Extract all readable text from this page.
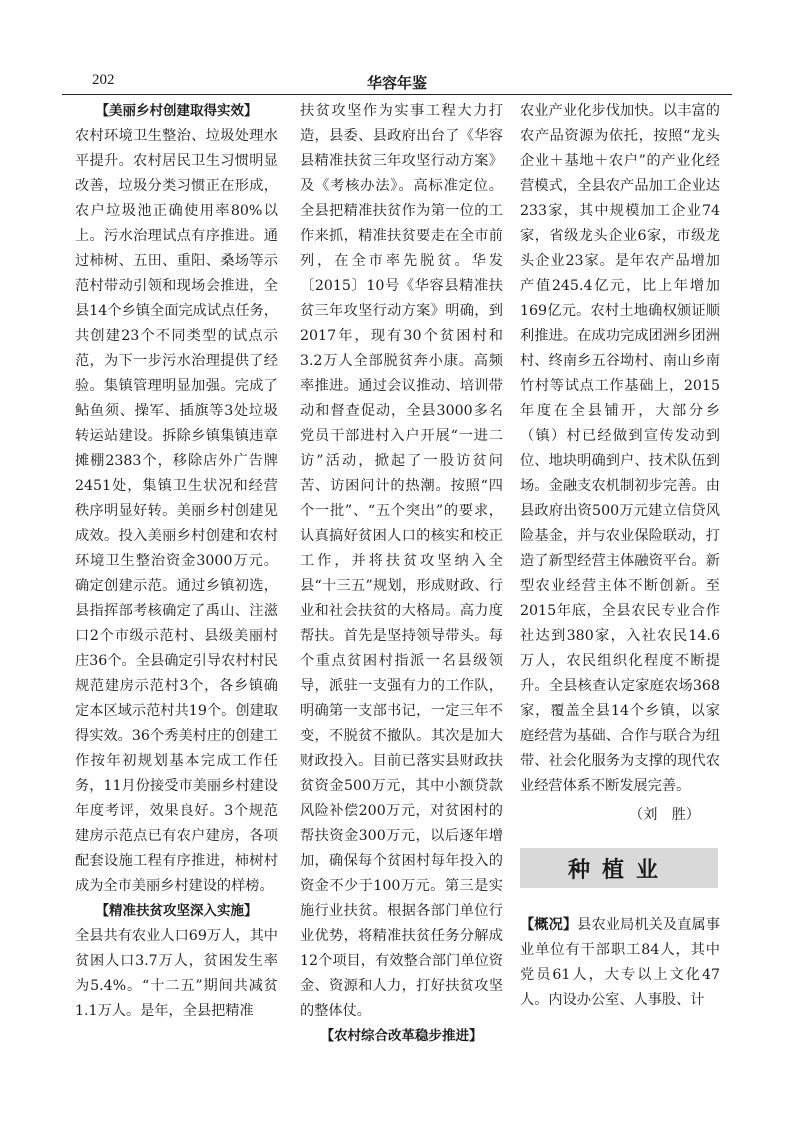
202	华容年鉴

【美丽乡村创建取得实效】

农村环境卫生整治、垃圾处理水平提升。农村居民卫生习惯明显改善，垃圾分类习惯正在形成，农户垃圾池正确使用率80%以上。污水治理试点有序推进。通过柿树、五田、重阳、桑场等示范村带动引领和现场会推进，全县14个乡镇全面完成试点任务，共创建23个不同类型的试点示范，为下一步污水治理提供了经验。集镇管理明显加强。完成了鲇鱼须、操军、插旗等3处垃圾转运站建设。拆除乡镇集镇违章摊棚2383个，移除店外广告牌2451处，集镇卫生状况和经营秩序明显好转。美丽乡村创建见成效。投入美丽乡村创建和农村环境卫生整治资金3000万元。确定创建示范。通过乡镇初选，县指挥部考核确定了禹山、注滋口2个市级示范村、县级美丽村庄36个。全县确定引导农村村民规范建房示范村3个，各乡镇确定本区域示范村共19个。创建取得实效。36个秀美村庄的创建工作按年初规划基本完成工作任务，11月份接受市美丽乡村建设年度考评，效果良好。3个规范建房示范点已有农户建房，各项配套设施工程有序推进，柿树村成为全市美丽乡村建设的样榜。

【精准扶贫攻坚深入实施】

全县共有农业人口69万人，其中贫困人口3.7万人，贫困发生率为5.4%。“十二五”期间共减贫1.1万人。是年，全县把精准

扶贫攻坚作为实事工程大力打造，县委、县政府出台了《华容县精准扶贫三年攻坚行动方案》及《考核办法》。高标准定位。全县把精准扶贫作为第一位的工作来抓，精准扶贫要走在全市前列，在全市率先脱贫。华发〔2015〕10号《华容县精准扶贫三年攻坚行动方案》明确，到2017年，现有30个贫困村和3.2万人全部脱贫奔小康。高频率推进。通过会议推动、培训带动和督查促动，全县3000多名党员干部进村入户开展“一进二访”活动，掀起了一股访贫问苦、访困问计的热潮。按照“四个一批”、“五个突出”的要求，认真搞好贫困人口的核实和校正工作，并将扶贫攻坚纳入全县“十三五”规划，形成财政、行业和社会扶贫的大格局。高力度帮扶。首先是坚持领导带头。每个重点贫困村指派一名县级领导，派驻一支强有力的工作队，明确第一支部书记，一定三年不变，不脱贫不撤队。其次是加大财政投入。目前已落实县财政扶贫资金500万元，其中小额贷款风险补偿200万元，对贫困村的帮扶资金300万元，以后逐年增加，确保每个贫困村每年投入的资金不少于100万元。第三是实施行业扶贫。根据各部门单位行业优势，将精准扶贫任务分解成12个项目，有效整合部门单位资金、资源和人力，打好扶贫攻坚的整体仗。

【农村综合改革稳步推进】

农业产业化步伐加快。以丰富的农产品资源为依托，按照“龙头企业＋基地＋农户”的产业化经营模式，全县农产品加工企业达233家，其中规模加工企业74家，省级龙头企业6家，市级龙头企业23家。是年农产品增加产值245.4亿元，比上年增加169亿元。农村土地确权颁证顺利推进。在成功完成团洲乡团洲村、终南乡五谷坳村、南山乡南竹村等试点工作基础上，2015年度在全县铺开，大部分乡（镇）村已经做到宣传发动到位、地块明确到户、技术队伍到场。金融支农机制初步完善。由县政府出资500万元建立信贷风险基金，并与农业保险联动，打造了新型经营主体融资平台。新型农业经营主体不断创新。至2015年底，全县农民专业合作社达到380家，入社农民14.6万人，农民组织化程度不断提升。全县核查认定家庭农场368家，覆盖全县14个乡镇，以家庭经营为基础、合作与联合为纽带、社会化服务为支撑的现代农业经营体系不断发展完善。

（刘　胜）

种植业

【概况】县农业局机关及直属事业单位有干部职工84人，其中党员61人，大专以上文化47人。内设办公室、人事股、计
